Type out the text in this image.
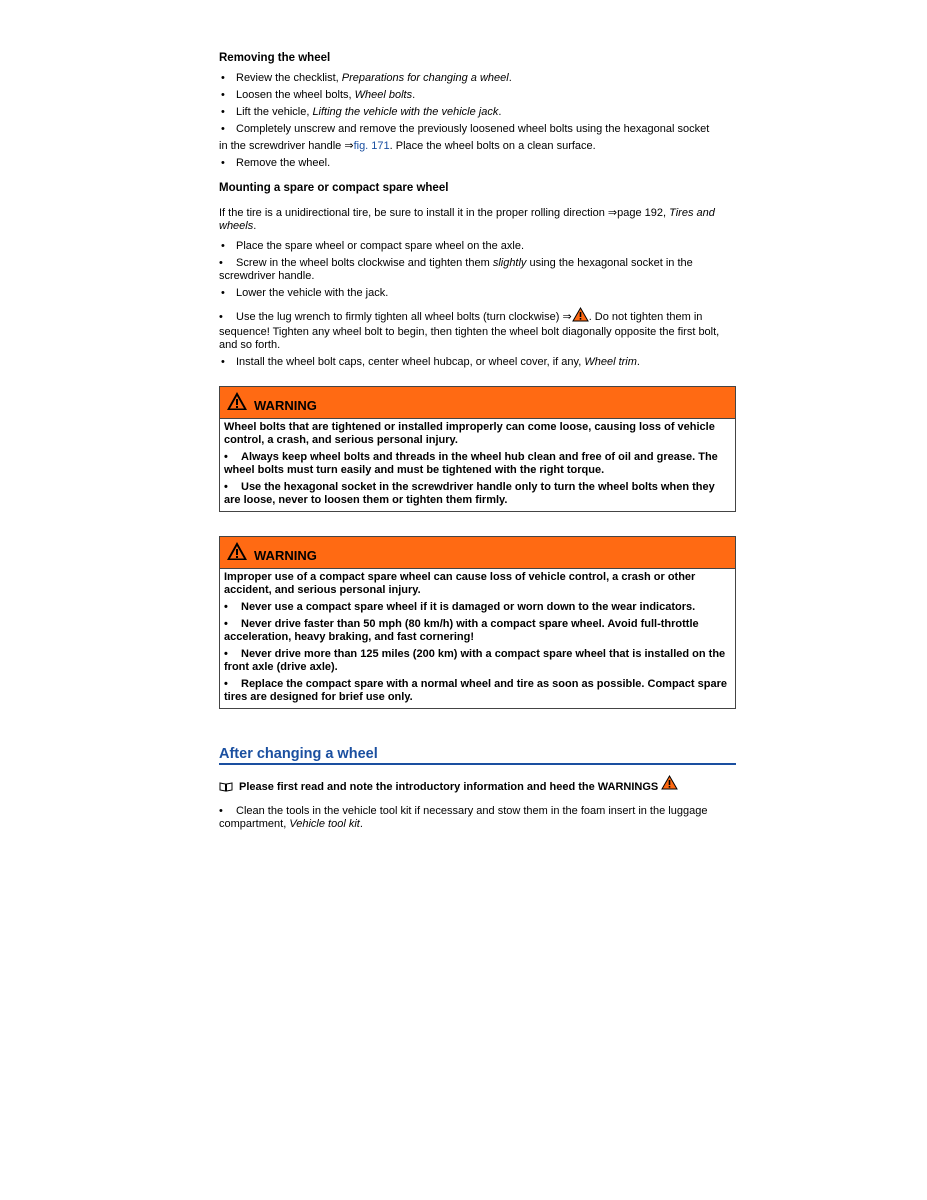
Removing the wheel
• Review the checklist, Preparations for changing a wheel.
• Loosen the wheel bolts, Wheel bolts.
• Lift the vehicle, Lifting the vehicle with the vehicle jack.
• Completely unscrew and remove the previously loosened wheel bolts using the hexagonal socket
in the screwdriver handle ⇒fig. 171. Place the wheel bolts on a clean surface.
• Remove the wheel.
Mounting a spare or compact spare wheel
If the tire is a unidirectional tire, be sure to install it in the proper rolling direction ⇒page 192, Tires and wheels.
• Place the spare wheel or compact spare wheel on the axle.
• Screw in the wheel bolts clockwise and tighten them slightly using the hexagonal socket in the screwdriver handle.
• Lower the vehicle with the jack.
• Use the lug wrench to firmly tighten all wheel bolts (turn clockwise) ⇒ . Do not tighten them in sequence! Tighten any wheel bolt to begin, then tighten the wheel bolt diagonally opposite the first bolt, and so forth.
• Install the wheel bolt caps, center wheel hubcap, or wheel cover, if any, Wheel trim.
WARNING
Wheel bolts that are tightened or installed improperly can come loose, causing loss of vehicle control, a crash, and serious personal injury.
• Always keep wheel bolts and threads in the wheel hub clean and free of oil and grease. The wheel bolts must turn easily and must be tightened with the right torque.
• Use the hexagonal socket in the screwdriver handle only to turn the wheel bolts when they are loose, never to loosen them or tighten them firmly.
WARNING
Improper use of a compact spare wheel can cause loss of vehicle control, a crash or other accident, and serious personal injury.
• Never use a compact spare wheel if it is damaged or worn down to the wear indicators.
• Never drive faster than 50 mph (80 km/h) with a compact spare wheel. Avoid full-throttle acceleration, heavy braking, and fast cornering!
• Never drive more than 125 miles (200 km) with a compact spare wheel that is installed on the front axle (drive axle).
• Replace the compact spare with a normal wheel and tire as soon as possible. Compact spare tires are designed for brief use only.
After changing a wheel
Please first read and note the introductory information and heed the WARNINGS
• Clean the tools in the vehicle tool kit if necessary and stow them in the foam insert in the luggage compartment, Vehicle tool kit.
